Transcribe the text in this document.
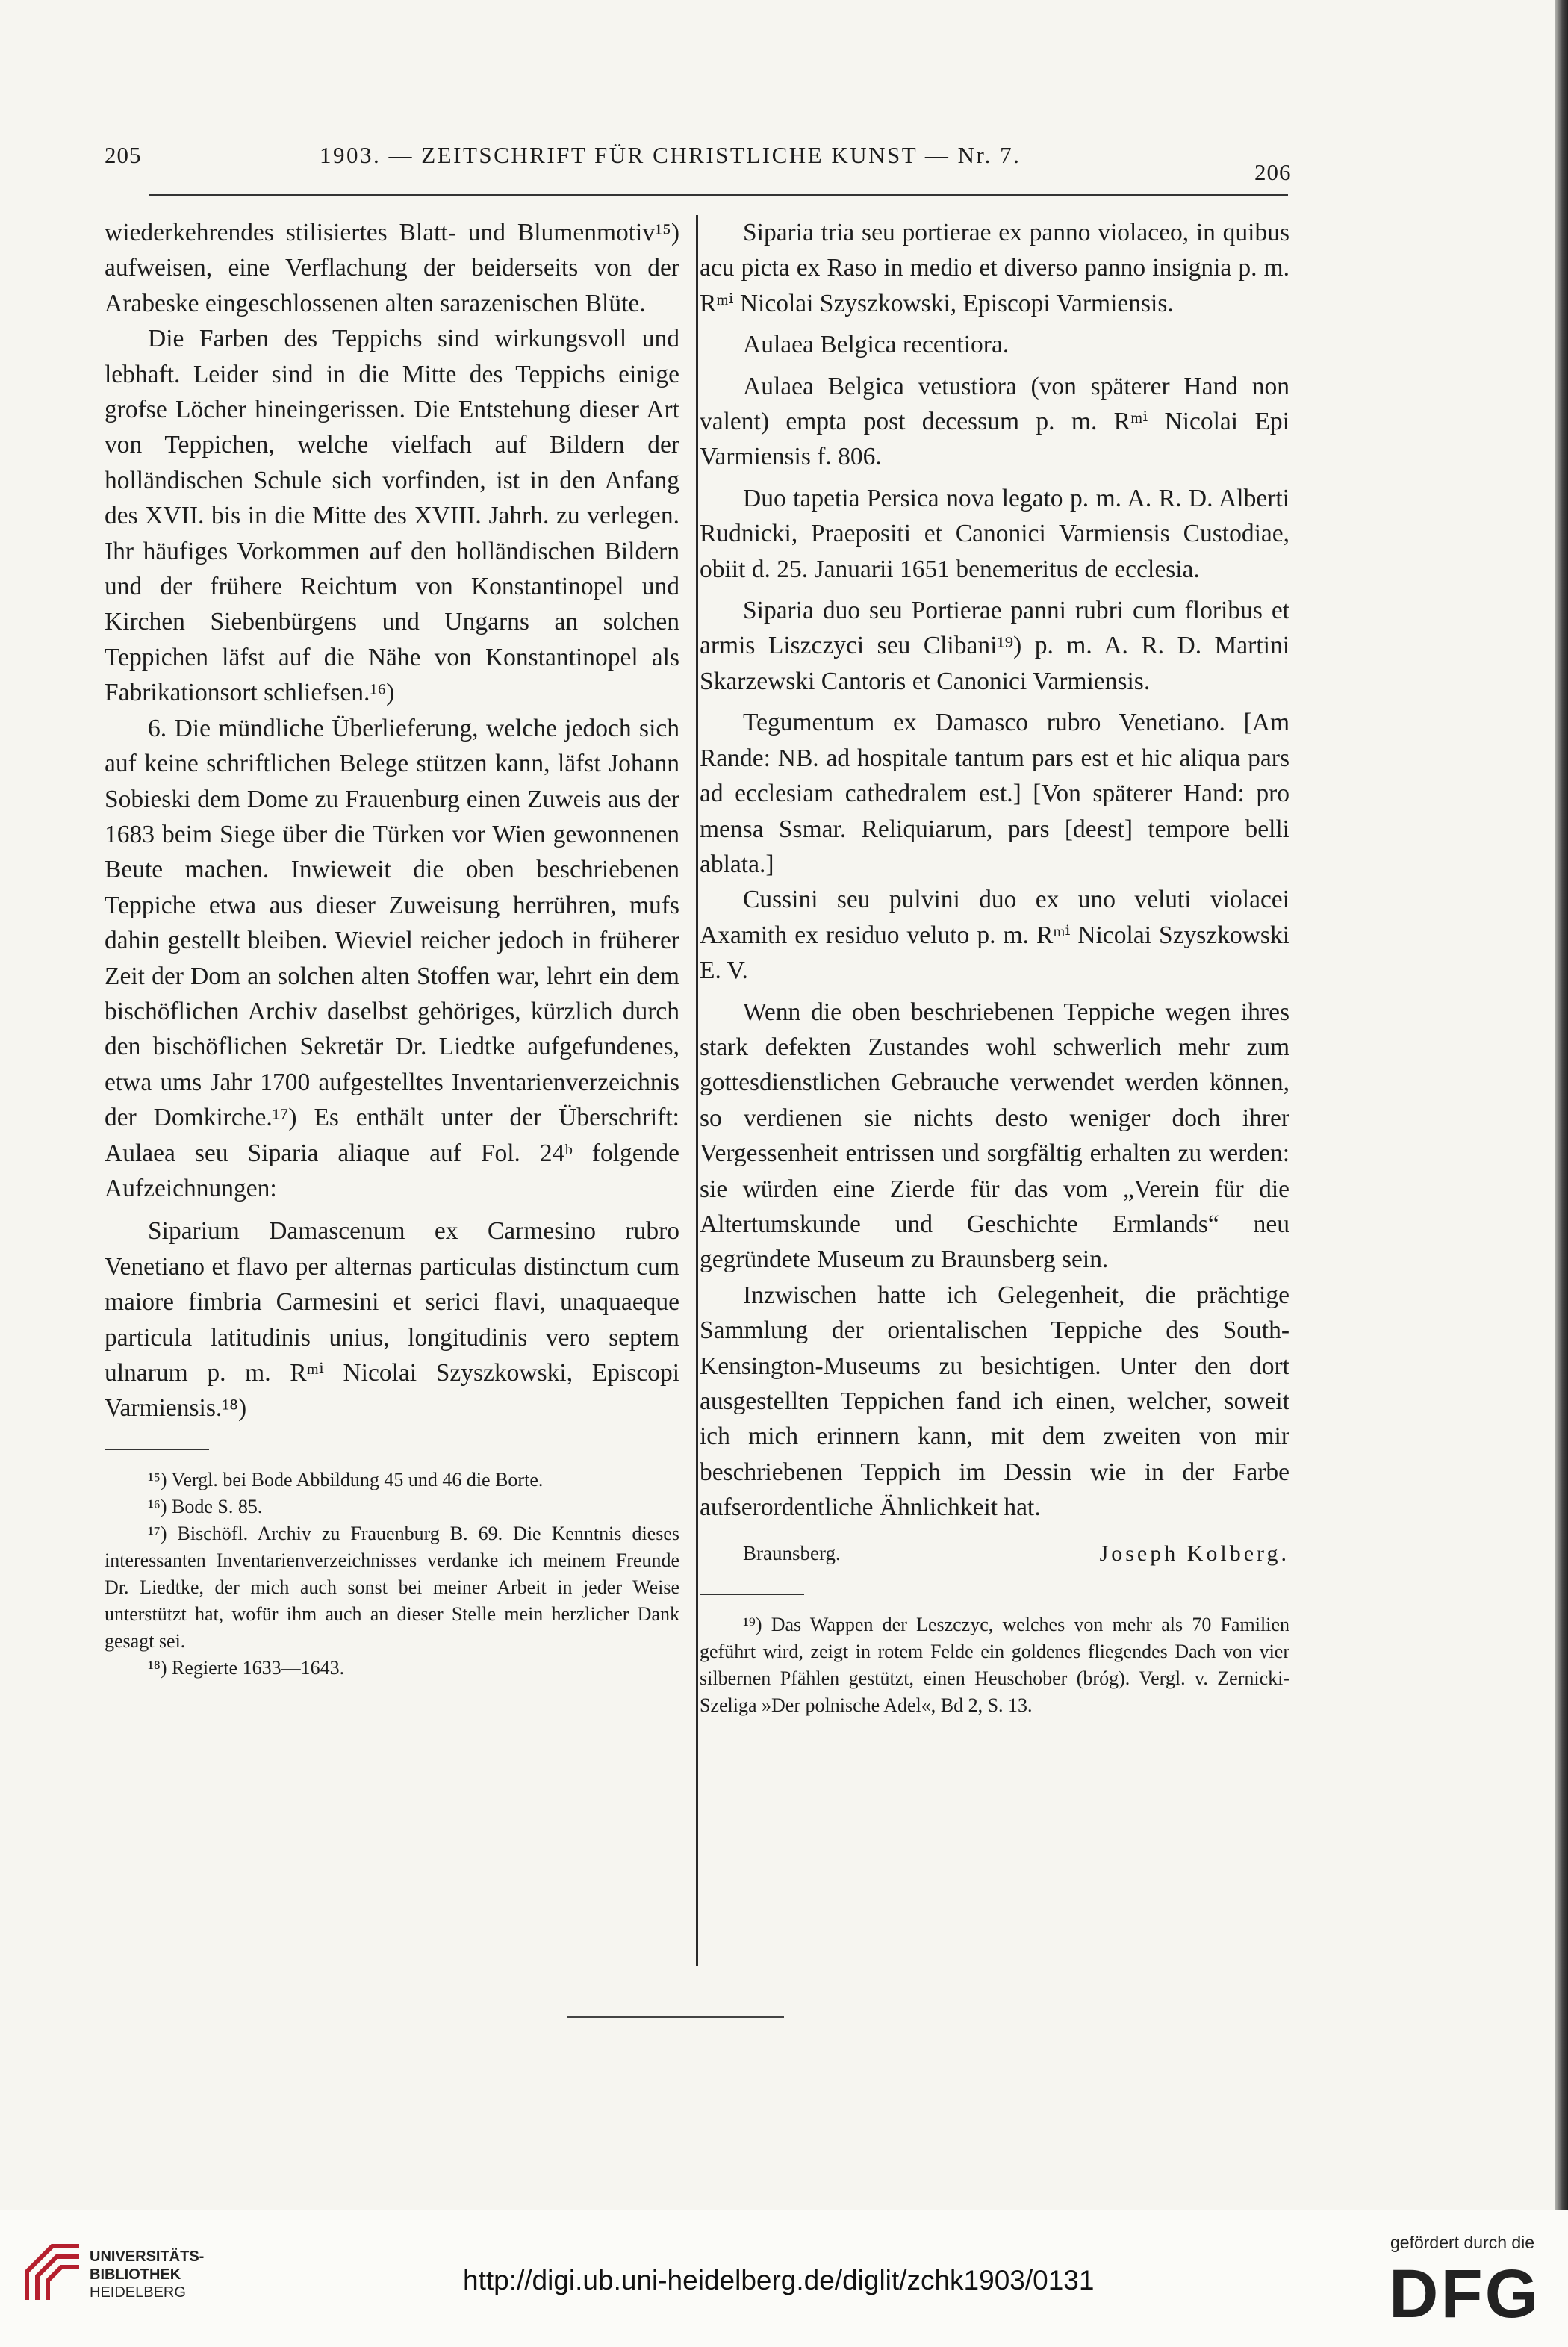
205	1903. — ZEITSCHRIFT FÜR CHRISTLICHE KUNST — Nr. 7.
206

wiederkehrendes stilisiertes Blatt- und Blumenmotiv¹⁵) aufweisen, eine Verflachung der beiderseits von der Arabeske eingeschlossenen alten sarazenischen Blüte.

Die Farben des Teppichs sind wirkungsvoll und lebhaft. Leider sind in die Mitte des Teppichs einige grofse Löcher hineingerissen. Die Entstehung dieser Art von Teppichen, welche vielfach auf Bildern der holländischen Schule sich vorfinden, ist in den Anfang des XVII. bis in die Mitte des XVIII. Jahrh. zu verlegen. Ihr häufiges Vorkommen auf den holländischen Bildern und der frühere Reichtum von Konstantinopel und Kirchen Siebenbürgens und Ungarns an solchen Teppichen läfst auf die Nähe von Konstantinopel als Fabrikationsort schliefsen.¹⁶)

6. Die mündliche Überlieferung, welche jedoch sich auf keine schriftlichen Belege stützen kann, läfst Johann Sobieski dem Dome zu Frauenburg einen Zuweis aus der 1683 beim Siege über die Türken vor Wien gewonnenen Beute machen. Inwieweit die oben beschriebenen Teppiche etwa aus dieser Zuweisung herrühren, mufs dahin gestellt bleiben. Wieviel reicher jedoch in früherer Zeit der Dom an solchen alten Stoffen war, lehrt ein dem bischöflichen Archiv daselbst gehöriges, kürzlich durch den bischöflichen Sekretär Dr. Liedtke aufgefundenes, etwa ums Jahr 1700 aufgestelltes Inventarienverzeichnis der Domkirche.¹⁷) Es enthält unter der Überschrift: Aulaea seu Siparia aliaque auf Fol. 24ᵇ folgende Aufzeichnungen:

Siparium Damascenum ex Carmesino rubro Venetiano et flavo per alternas particulas distinctum cum maiore fimbria Carmesini et serici flavi, unaquaeque particula latitudinis unius, longitudinis vero septem ulnarum p. m. Rᵐⁱ Nicolai Szyszkowski, Episcopi Varmiensis.¹⁸)

¹⁵) Vergl. bei Bode Abbildung 45 und 46 die Borte.

¹⁶) Bode S. 85.

¹⁷) Bischöfl. Archiv zu Frauenburg B. 69. Die Kenntnis dieses interessanten Inventarienverzeichnisses verdanke ich meinem Freunde Dr. Liedtke, der mich auch sonst bei meiner Arbeit in jeder Weise unterstützt hat, wofür ihm auch an dieser Stelle mein herzlicher Dank gesagt sei.

¹⁸) Regierte 1633—1643.

Siparia tria seu portierae ex panno violaceo, in quibus acu picta ex Raso in medio et diverso panno insignia p. m. Rᵐⁱ Nicolai Szyszkowski, Episcopi Varmiensis.

Aulaea Belgica recentiora.

Aulaea Belgica vetustiora (von späterer Hand non valent) empta post decessum p. m. Rᵐⁱ Nicolai Epi Varmiensis f. 806.

Duo tapetia Persica nova legato p. m. A. R. D. Alberti Rudnicki, Praepositi et Canonici Varmiensis Custodiae, obiit d. 25. Januarii 1651 benemeritus de ecclesia.

Siparia duo seu Portierae panni rubri cum floribus et armis Liszczyci seu Clibani¹⁹) p. m. A. R. D. Martini Skarzewski Cantoris et Canonici Varmiensis.

Tegumentum ex Damasco rubro Venetiano. [Am Rande: NB. ad hospitale tantum pars est et hic aliqua pars ad ecclesiam cathedralem est.] [Von späterer Hand: pro mensa Ssmar. Reliquiarum, pars [deest] tempore belli ablata.]

Cussini seu pulvini duo ex uno veluti violacei Axamith ex residuo veluto p. m. Rᵐⁱ Nicolai Szyszkowski E. V.

Wenn die oben beschriebenen Teppiche wegen ihres stark defekten Zustandes wohl schwerlich mehr zum gottesdienstlichen Gebrauche verwendet werden können, so verdienen sie nichts desto weniger doch ihrer Vergessenheit entrissen und sorgfältig erhalten zu werden: sie würden eine Zierde für das vom „Verein für die Altertumskunde und Geschichte Ermlands“ neu gegründete Museum zu Braunsberg sein.

Inzwischen hatte ich Gelegenheit, die prächtige Sammlung der orientalischen Teppiche des South-Kensington-Museums zu besichtigen. Unter den dort ausgestellten Teppichen fand ich einen, welcher, soweit ich mich erinnern kann, mit dem zweiten von mir beschriebenen Teppich im Dessin wie in der Farbe aufserordentliche Ähnlichkeit hat.

Braunsberg.	Joseph Kolberg.

¹⁹) Das Wappen der Leszczyc, welches von mehr als 70 Familien geführt wird, zeigt in rotem Felde ein goldenes fliegendes Dach von vier silbernen Pfählen gestützt, einen Heuschober (bróg). Vergl. v. Zernicki-Szeliga »Der polnische Adel«, Bd 2, S. 13.

UNIVERSITÄTS-
BIBLIOTHEK
HEIDELBERG	http://digi.ub.uni-heidelberg.de/diglit/zchk1903/0131
gefördert durch die
DFG
